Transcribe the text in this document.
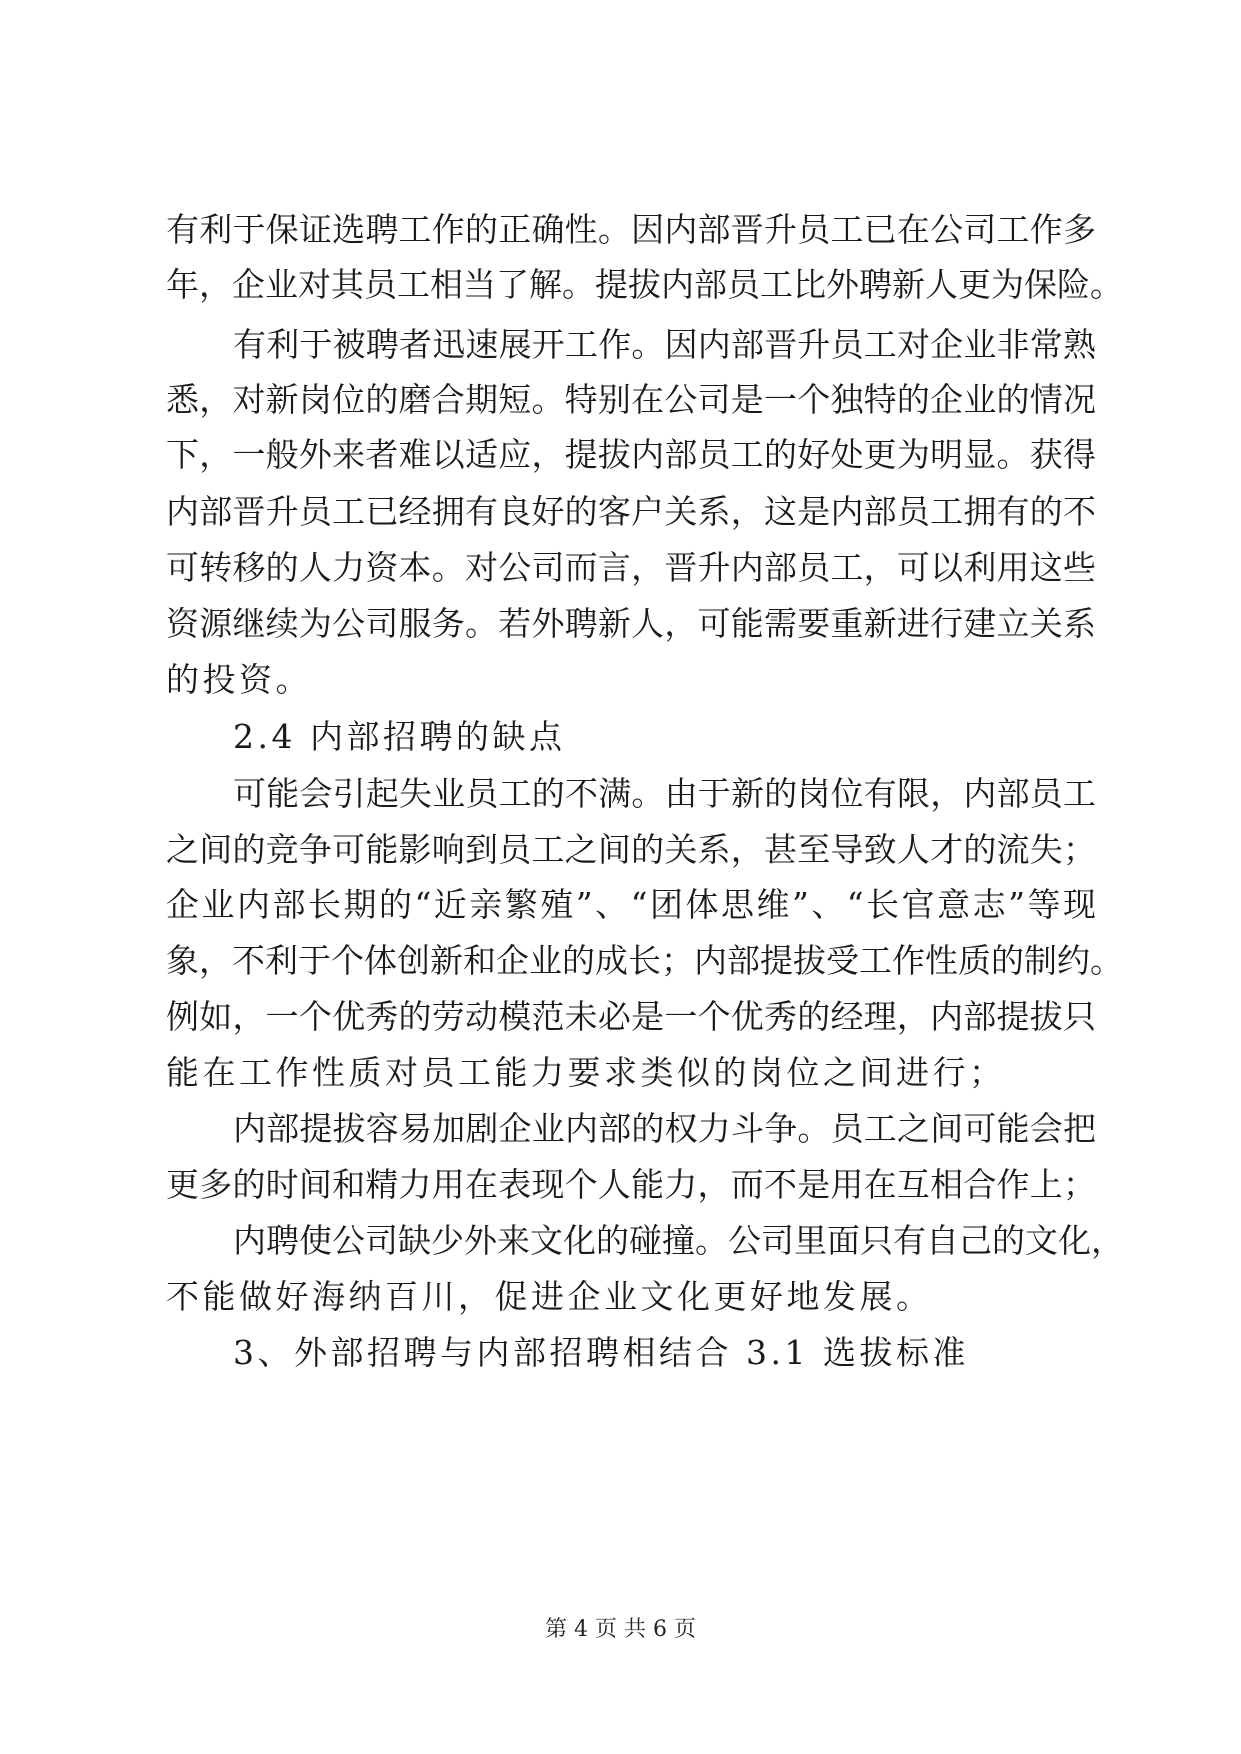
有利于保证选聘工作的正确性。因内部晋升员工已在公司工作多
年，企业对其员工相当了解。提拔内部员工比外聘新人更为保险。
有利于被聘者迅速展开工作。因内部晋升员工对企业非常熟
悉，对新岗位的磨合期短。特别在公司是一个独特的企业的情况
下，一般外来者难以适应，提拔内部员工的好处更为明显。获得
内部晋升员工已经拥有良好的客户关系，这是内部员工拥有的不
可转移的人力资本。对公司而言，晋升内部员工，可以利用这些
资源继续为公司服务。若外聘新人，可能需要重新进行建立关系
的投资。
2.4 内部招聘的缺点
可能会引起失业员工的不满。由于新的岗位有限，内部员工
之间的竞争可能影响到员工之间的关系，甚至导致人才的流失；
企业内部长期的“近亲繁殖”、“团体思维”、“长官意志”等现
象，不利于个体创新和企业的成长；内部提拔受工作性质的制约。
例如，一个优秀的劳动模范未必是一个优秀的经理，内部提拔只
能在工作性质对员工能力要求类似的岗位之间进行；
内部提拔容易加剧企业内部的权力斗争。员工之间可能会把
更多的时间和精力用在表现个人能力，而不是用在互相合作上；
内聘使公司缺少外来文化的碰撞。公司里面只有自己的文化，
不能做好海纳百川，促进企业文化更好地发展。
3、外部招聘与内部招聘相结合 3.1 选拔标准
第 4 页 共 6 页
